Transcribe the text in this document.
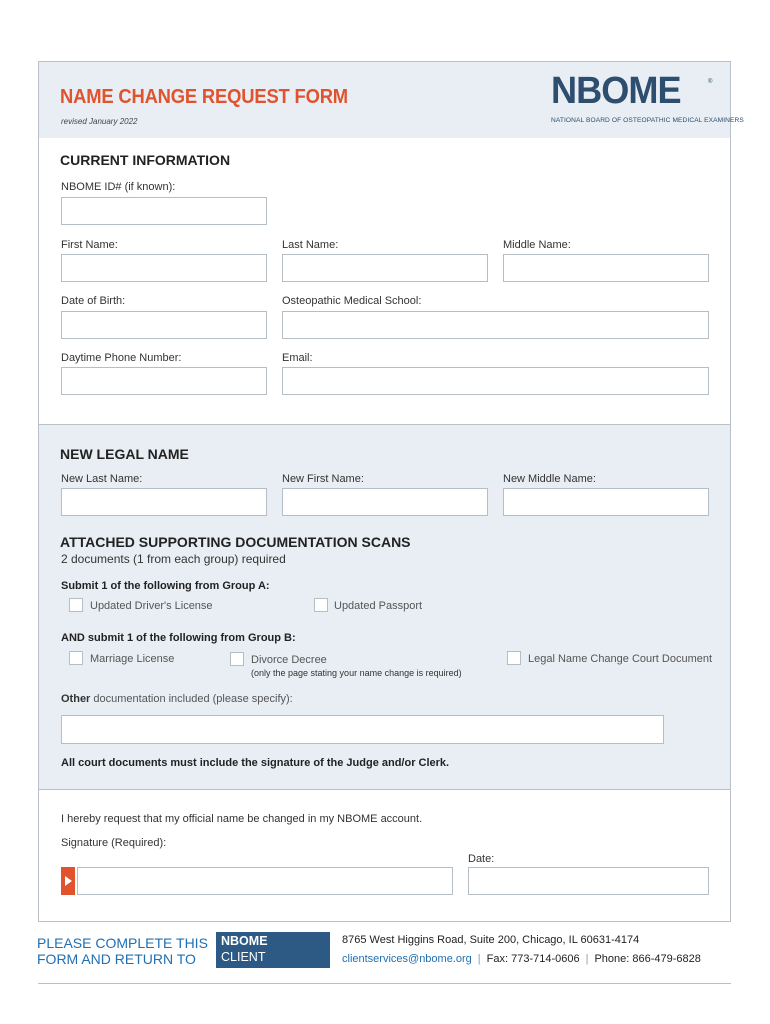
NAME CHANGE REQUEST FORM
revised January 2022
NBOME	®
NATIONAL BOARD OF OSTEOPATHIC MEDICAL EXAMINERS
CURRENT INFORMATION
NBOME ID# (if known):
First Name:	Last Name:	Middle Name:
Date of Birth:	Osteopathic Medical School:
Daytime Phone Number:	Email:
NEW LEGAL NAME
New Last Name:	New First Name:	New Middle Name:
ATTACHED SUPPORTING DOCUMENTATION SCANS
2 documents (1 from each group) required
Submit 1 of the following from Group A:
Updated Driver's License	Updated Passport
AND submit 1 of the following from Group B:
Marriage License	Divorce Decree
(only the page stating your name change is required)
Legal Name Change Court Document
Other documentation included (please specify):
All court documents must include the signature of the Judge and/or Clerk.
I hereby request that my official name be changed in my NBOME account.
Signature (Required):
Date:
PLEASE COMPLETE THIS
FORM AND RETURN TO
NBOME
CLIENT SERVICES
8765 West Higgins Road, Suite 200, Chicago, IL 60631-4174
clientservices@nbome.org | Fax: 773-714-0606 | Phone: 866-479-6828
